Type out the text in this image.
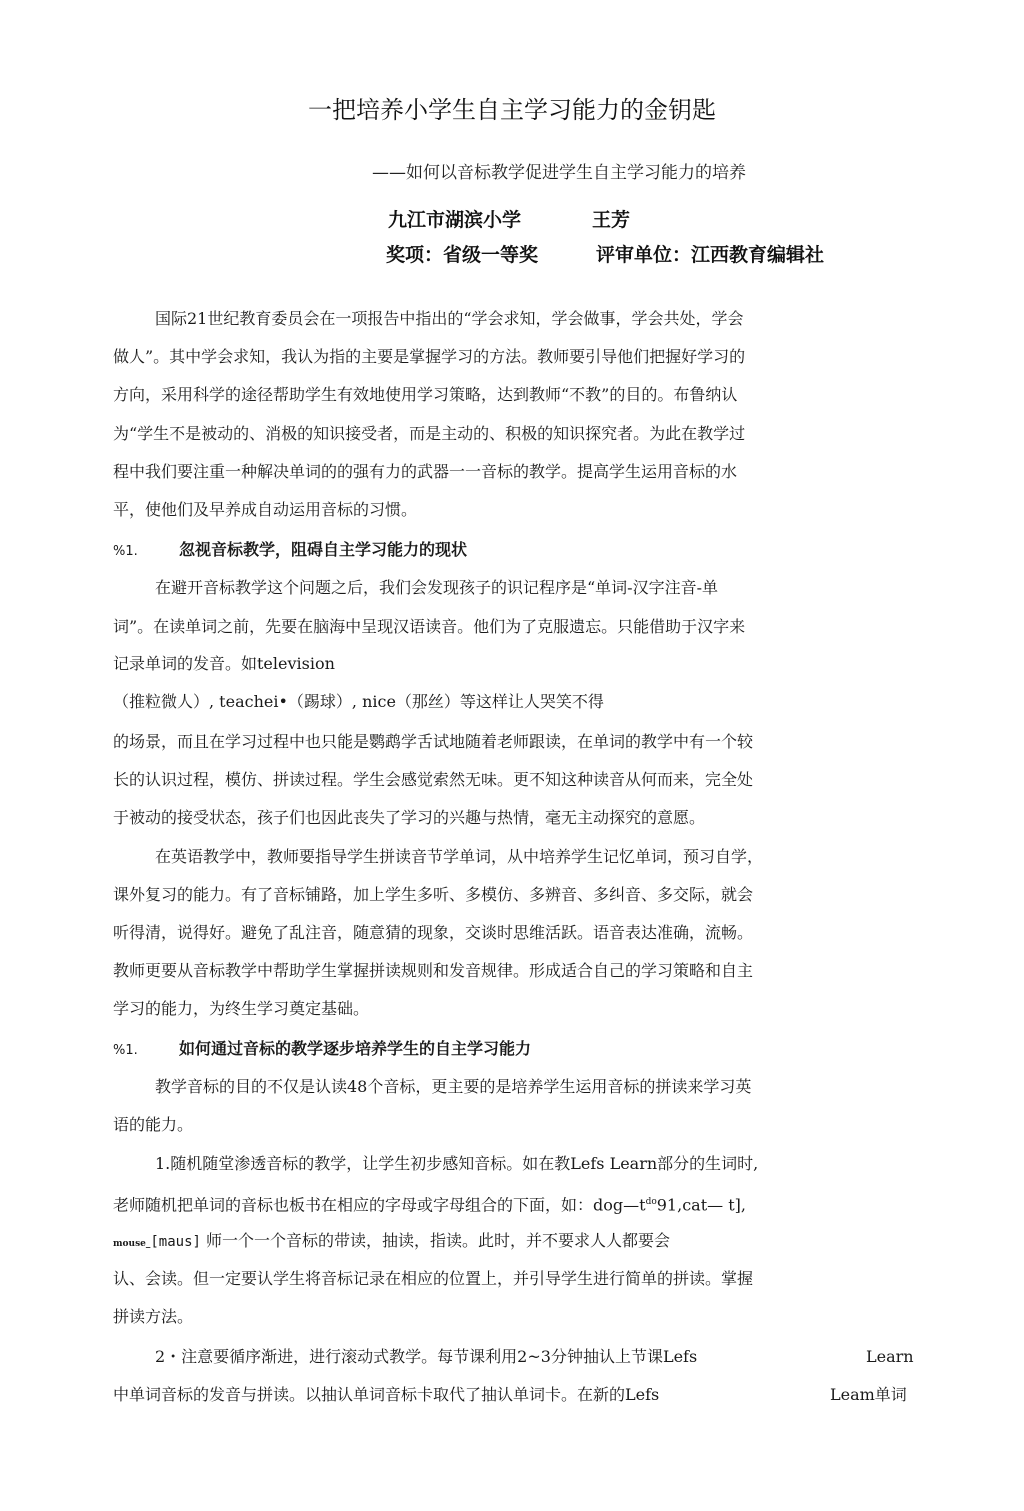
一把培养小学生自主学习能力的金钥匙
——如何以音标教学促进学生自主学习能力的培养
九江市湖滨小学	王芳
奖项：省级一等奖	评审单位：江西教育编辑社
国际21世纪教育委员会在一项报告中指出的“学会求知，学会做事，学会共处，学会
做人”。其中学会求知，我认为指的主要是掌握学习的方法。教师要引导他们把握好学习的
方向，采用科学的途径帮助学生有效地使用学习策略，达到教师“不教”的目的。布鲁纳认
为“学生不是被动的、消极的知识接受者，而是主动的、积极的知识探究者。为此在教学过
程中我们要注重一种解决单词的的强有力的武器一一音标的教学。提高学生运用音标的水
平，使他们及早养成自动运用音标的习惯。
%1.	忽视音标教学，阻碍自主学习能力的现状
在避开音标教学这个问题之后，我们会发现孩子的识记程序是“单词-汉字注音-单
词”。在读单词之前，先要在脑海中呈现汉语读音。他们为了克服遗忘。只能借助于汉字来
记录单词的发音。如television
（推粒微人）, teachei•（踢球）, nice（那丝）等这样让人哭笑不得
的场景，而且在学习过程中也只能是鹦鹉学舌试地随着老师跟读，在单词的教学中有一个较
长的认识过程，模仿、拼读过程。学生会感觉索然无味。更不知这种读音从何而来，完全处
于被动的接受状态，孩子们也因此丧失了学习的兴趣与热情，毫无主动探究的意愿。
在英语教学中，教师要指导学生拼读音节学单词，从中培养学生记忆单词，预习自学，
课外复习的能力。有了音标铺路，加上学生多听、多模仿、多辨音、多纠音、多交际，就会
听得清，说得好。避免了乱注音，随意猜的现象，交谈时思维活跃。语音表达准确，流畅。
教师更要从音标教学中帮助学生掌握拼读规则和发音规律。形成适合自己的学习策略和自主
学习的能力，为终生学习奠定基础。
%1.	如何通过音标的教学逐步培养学生的自主学习能力
教学音标的目的不仅是认读48个音标，更主要的是培养学生运用音标的拼读来学习英
语的能力。
1.随机随堂渗透音标的教学，让学生初步感知音标。如在教Lefs Learn部分的生词时,
老师随机把单词的音标也板书在相应的字母或字母组合的下面，如：$dog—t^{do}91,cat—$ t],
mouse_[maus] 师一个一个音标的带读，抽读，指读。此时，并不要求人人都要会
认、会读。但一定要认学生将音标记录在相应的位置上，并引导学生进行简单的拼读。掌握
拼读方法。
2・注意要循序渐进，进行滚动式教学。每节课利用2~3分钟抽认上节课Lefs	Learn
中单词音标的发音与拼读。以抽认单词音标卡取代了抽认单词卡。在新的Lefs	Leam单词
